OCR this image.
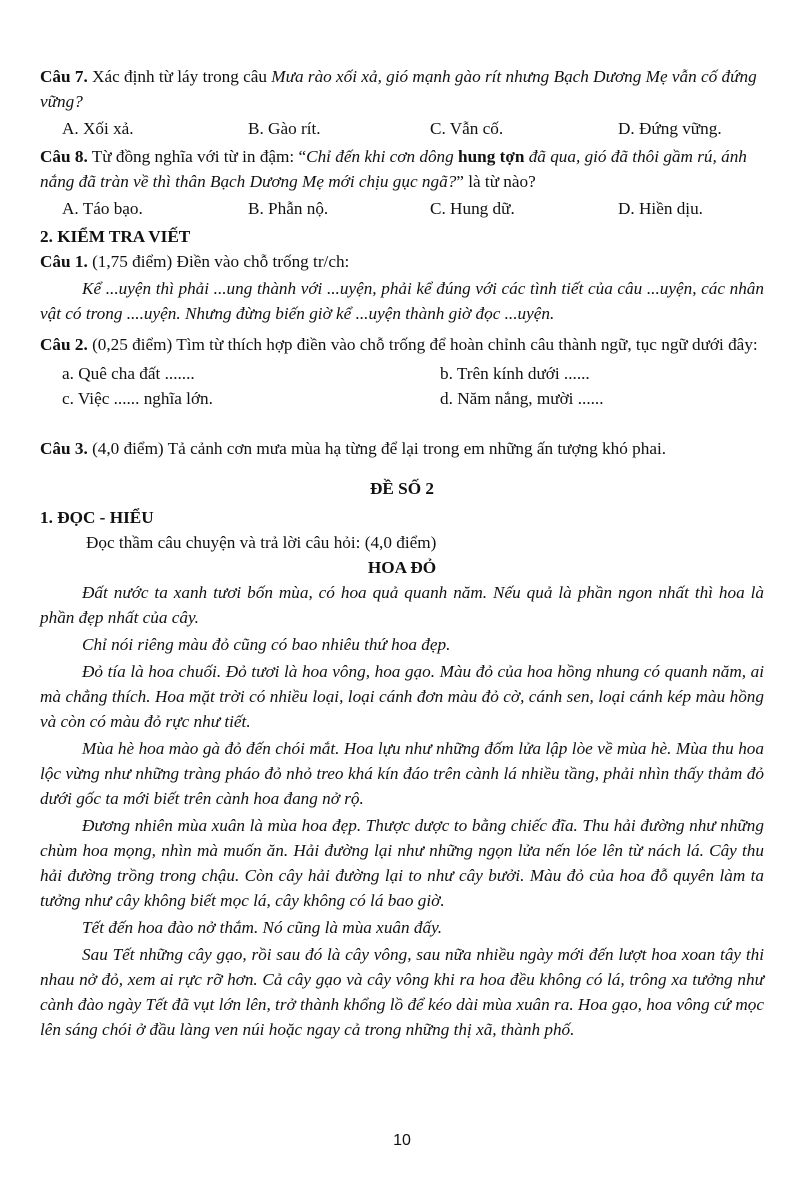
Câu 7. Xác định từ láy trong câu Mưa rào xối xả, gió mạnh gào rít nhưng Bạch Dương Mẹ vẫn cố đứng vững?

A. Xối xả.	B. Gào rít.	C. Vẫn cố.	D. Đứng vững.

Câu 8. Từ đồng nghĩa với từ in đậm: “Chỉ đến khi cơn dông hung tợn đã qua, gió đã thôi gầm rú, ánh nắng đã tràn về thì thân Bạch Dương Mẹ mới chịu gục ngã?” là từ nào?

A. Táo bạo.	B. Phẫn nộ.	C. Hung dữ.	D. Hiền dịu.
2. KIỂM TRA VIẾT

Câu 1. (1,75 điểm) Điền vào chỗ trống tr/ch:

Kể ...uyện thì phải ...ung thành với ...uyện, phải kể đúng với các tình tiết của câu ...uyện, các nhân vật có trong ....uyện. Nhưng đừng biến giờ kể ...uyện thành giờ đọc ...uyện.

Câu 2. (0,25 điểm) Tìm từ thích hợp điền vào chỗ trống để hoàn chỉnh câu thành ngữ, tục ngữ dưới đây:

a. Quê cha đất .......	b. Trên kính dưới ......
c. Việc ...... nghĩa lớn.	d. Năm nắng, mười ......

Câu 3. (4,0 điểm) Tả cảnh cơn mưa mùa hạ từng để lại trong em những ấn tượng khó phai.

ĐỀ SỐ 2
1. ĐỌC - HIỂU
Đọc thầm câu chuyện và trả lời câu hỏi: (4,0 điểm)
HOA ĐỎ

Đất nước ta xanh tươi bốn mùa, có hoa quả quanh năm. Nếu quả là phần ngon nhất thì hoa là phần đẹp nhất của cây.

Chỉ nói riêng màu đỏ cũng có bao nhiêu thứ hoa đẹp.

Đỏ tía là hoa chuối. Đỏ tươi là hoa vông, hoa gạo. Màu đỏ của hoa hồng nhung có quanh năm, ai mà chẳng thích. Hoa mặt trời có nhiều loại, loại cánh đơn màu đỏ cờ, cánh sen, loại cánh kép màu hồng và còn có màu đỏ rực như tiết.

Mùa hè hoa mào gà đỏ đến chói mắt. Hoa lựu như những đốm lửa lập lòe về mùa hè. Mùa thu hoa lộc vừng như những tràng pháo đỏ nhỏ treo khá kín đáo trên cành lá nhiều tầng, phải nhìn thấy thảm đỏ dưới gốc ta mới biết trên cành hoa đang nở rộ.

Đương nhiên mùa xuân là mùa hoa đẹp. Thược dược to bằng chiếc đĩa. Thu hải đường như những chùm hoa mọng, nhìn mà muốn ăn. Hải đường lại như những ngọn lửa nến lóe lên từ nách lá. Cây thu hải đường trồng trong chậu. Còn cây hải đường lại to như cây bưởi. Màu đỏ của hoa đỗ quyên làm ta tưởng như cây không biết mọc lá, cây không có lá bao giờ.

Tết đến hoa đào nở thắm. Nó cũng là mùa xuân đấy.

Sau Tết những cây gạo, rồi sau đó là cây vông, sau nữa nhiều ngày mới đến lượt hoa xoan tây thi nhau nở đỏ, xem ai rực rỡ hơn. Cả cây gạo và cây vông khi ra hoa đều không có lá, trông xa tưởng như cành đào ngày Tết đã vụt lớn lên, trở thành khổng lồ để kéo dài mùa xuân ra. Hoa gạo, hoa vông cứ mọc lên sáng chói ở đầu làng ven núi hoặc ngay cả trong những thị xã, thành phố.

10
